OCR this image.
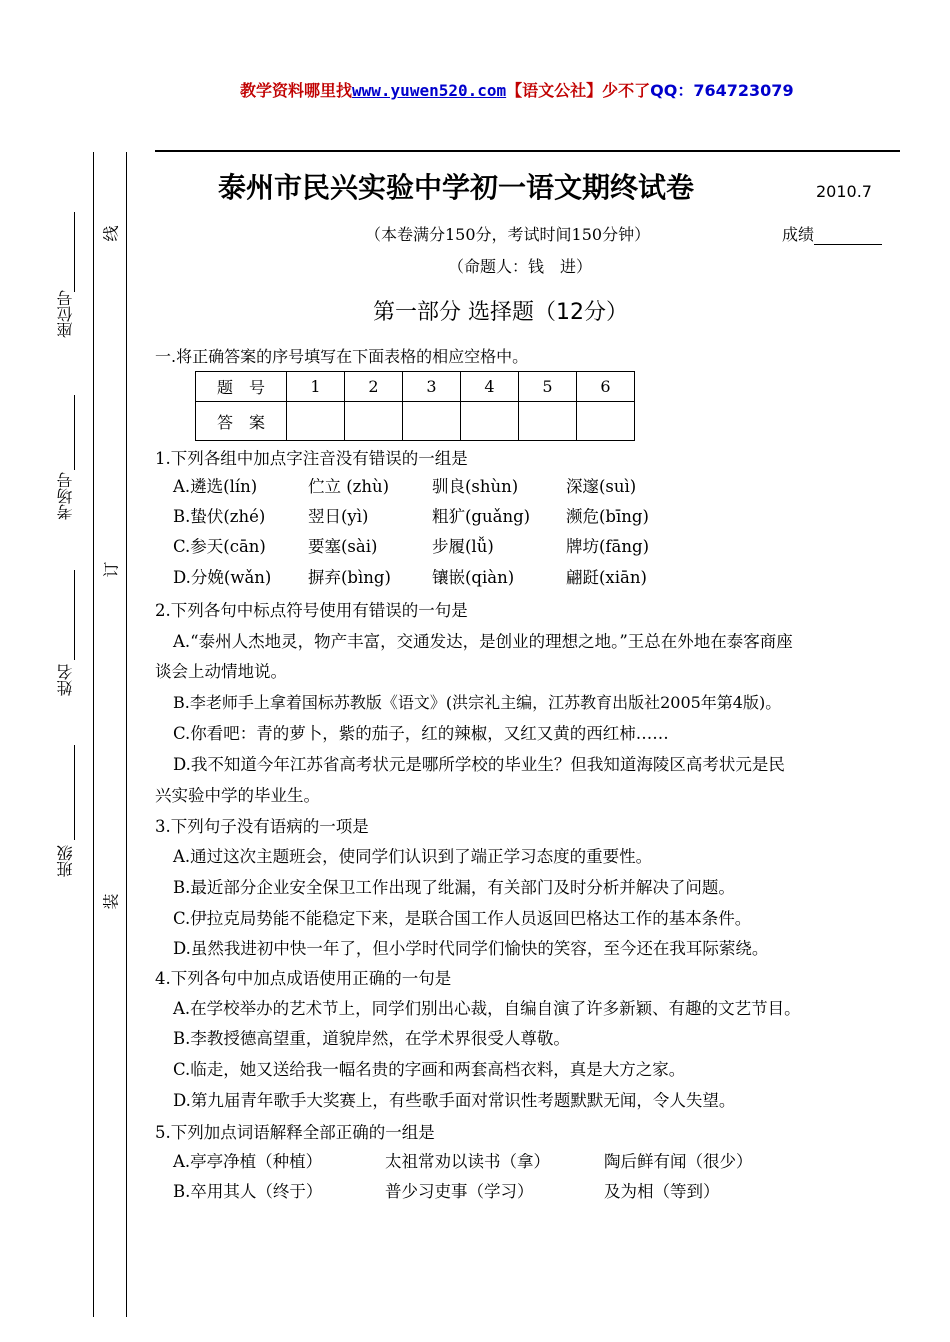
教学资料哪里找www.yuwen520.com【语文公社】少不了QQ：764723079
座位号
考场号
姓名
班级
线
订
装
泰州市民兴实验中学初一语文期终试卷	2010.7
（本卷满分150分，考试时间150分钟）	成绩
（命题人：钱　进）
第一部分 选择题（12分）
一.将正确答案的序号填写在下面表格的相应空格中。
题　号	1	2	3	4	5	6
答　案						
1.下列各组中加点字注音没有错误的一组是
A.遴选(lín)	伫立 (zhù)	驯良(shùn)	深邃(suì)
B.蛰伏(zhé)	翌日(yì)	粗犷(guǎng) 濒危(bīng)
C.参天(cān)	要塞(sài)	步履(lǚ)	牌坊(fāng)
D.分娩(wǎn) 摒弃(bìng) 镶嵌(qiàn)	翩跹(xiān)
2.下列各句中标点符号使用有错误的一句是
A.“泰州人杰地灵，物产丰富，交通发达，是创业的理想之地。”王总在外地在泰客商座
谈会上动情地说。
B.李老师手上拿着国标苏教版《语文》(洪宗礼主编，江苏教育出版社2005年第4版)。
C.你看吧：青的萝卜，紫的茄子，红的辣椒，又红又黄的西红柿……
D.我不知道今年江苏省高考状元是哪所学校的毕业生？但我知道海陵区高考状元是民
兴实验中学的毕业生。
3.下列句子没有语病的一项是
A.通过这次主题班会，使同学们认识到了端正学习态度的重要性。
B.最近部分企业安全保卫工作出现了纰漏，有关部门及时分析并解决了问题。
C.伊拉克局势能不能稳定下来，是联合国工作人员返回巴格达工作的基本条件。
D.虽然我进初中快一年了，但小学时代同学们愉快的笑容，至今还在我耳际萦绕。
4.下列各句中加点成语使用正确的一句是
A.在学校举办的艺术节上，同学们别出心裁，自编自演了许多新颖、有趣的文艺节目。
B.李教授德高望重，道貌岸然，在学术界很受人尊敬。
C.临走，她又送给我一幅名贵的字画和两套高档衣料，真是大方之家。
D.第九届青年歌手大奖赛上，有些歌手面对常识性考题默默无闻，令人失望。
5.下列加点词语解释全部正确的一组是
A.亭亭净植（种植）	太祖常劝以读书（拿）	陶后鲜有闻（很少）
B.卒用其人（终于）	普少习吏事（学习）	及为相（等到）
